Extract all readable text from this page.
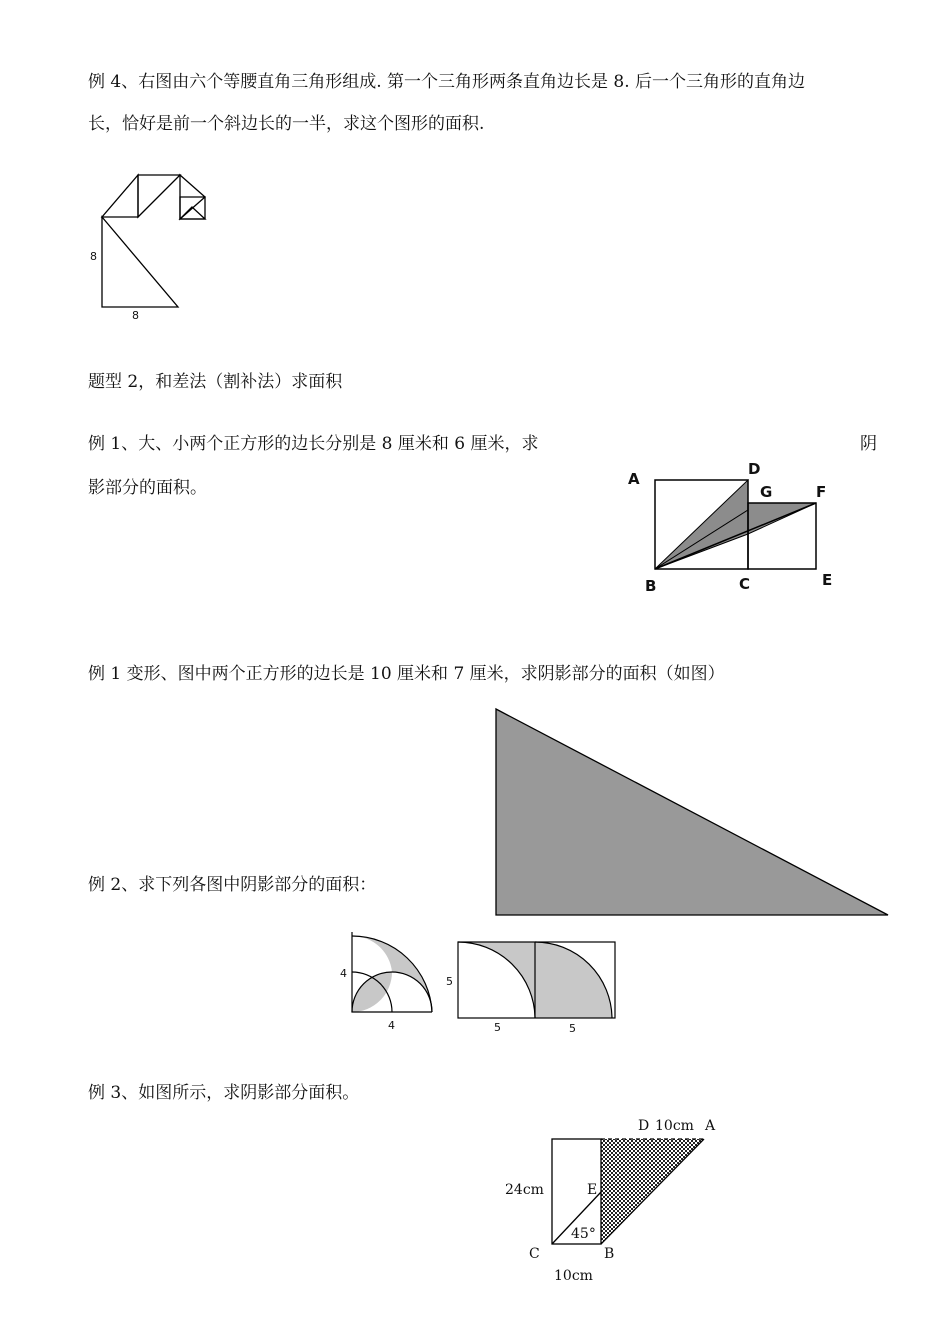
例 4、右图由六个等腰直角三角形组成. 第一个三角形两条直角边长是 8. 后一个三角形的直角边
长，恰好是前一个斜边长的一半，求这个图形的面积.
8
8
题型 2，和差法（割补法）求面积
例 1、大、小两个正方形的边长分别是 8 厘米和 6 厘米，求	阴
影部分的面积。	A
D
G	F
B	C	E
例 1 变形、图中两个正方形的边长是 10 厘米和 7 厘米，求阴影部分的面积（如图）
例 2、求下列各图中阴影部分的面积：
4
4
5
5	5
例 3、如图所示，求阴影部分面积。
D 10cm A
24cm	E
45°
C	B
10cm
